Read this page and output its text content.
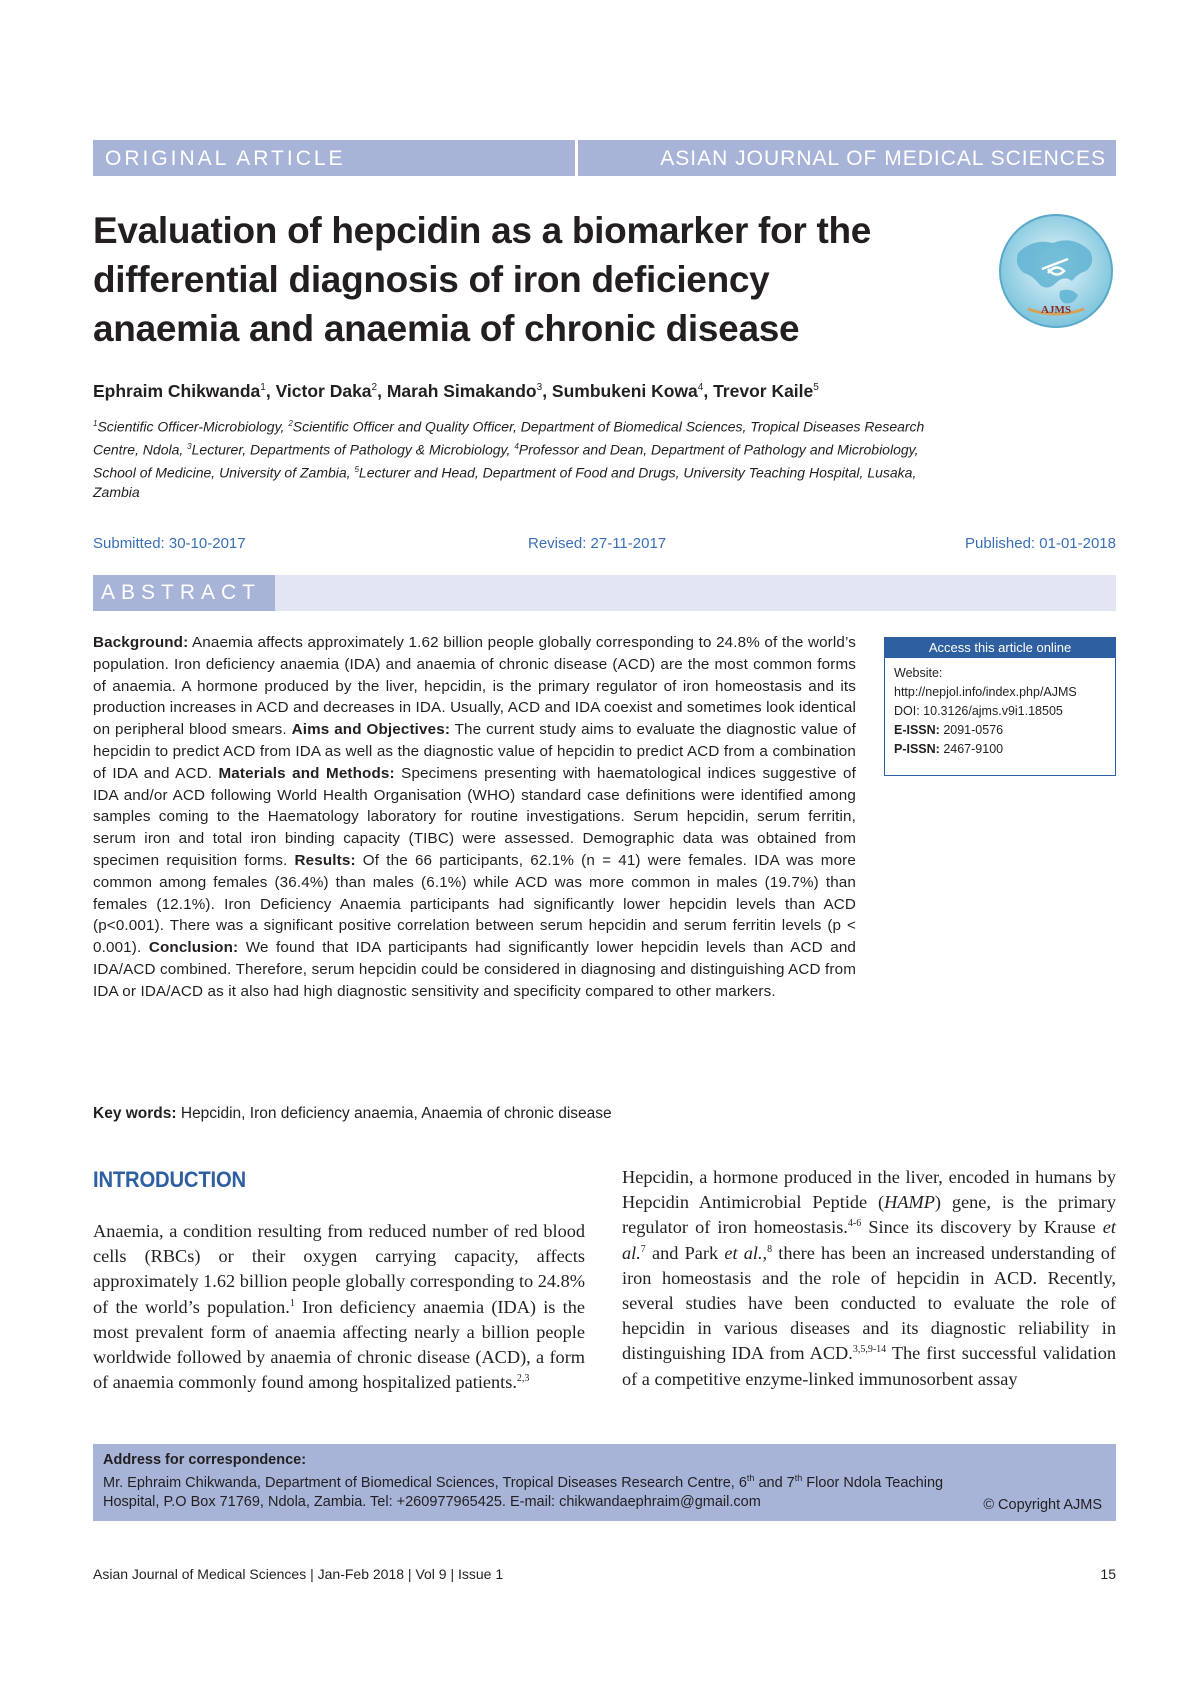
ORIGINAL ARTICLE	ASIAN JOURNAL OF MEDICAL SCIENCES
Evaluation of hepcidin as a biomarker for the differential diagnosis of iron deficiency anaemia and anaemia of chronic disease	AJMS
Ephraim Chikwanda$^1$, Victor Daka$^2$, Marah Simakando$^3$, Sumbukeni Kowa$^4$, Trevor Kaile$^5$

$^1$Scientific Officer-Microbiology, $^2$Scientific Officer and Quality Officer, Department of Biomedical Sciences, Tropical Diseases Research Centre, Ndola, $^3$Lecturer, Departments of Pathology & Microbiology, $^4$Professor and Dean, Department of Pathology and Microbiology, School of Medicine, University of Zambia, $^5$Lecturer and Head, Department of Food and Drugs, University Teaching Hospital, Lusaka, Zambia

Submitted: 30-10-2017	Revised: 27-11-2017	Published: 01-01-2018
ABSTRACT

Background: Anaemia affects approximately 1.62 billion people globally corresponding to 24.8% of the world’s population. Iron deficiency anaemia (IDA) and anaemia of chronic disease (ACD) are the most common forms of anaemia. A hormone produced by the liver, hepcidin, is the primary regulator of iron homeostasis and its production increases in ACD and decreases in IDA. Usually, ACD and IDA coexist and sometimes look identical on peripheral blood smears. Aims and Objectives: The current study aims to evaluate the diagnostic value of hepcidin to predict ACD from IDA as well as the diagnostic value of hepcidin to predict ACD from a combination of IDA and ACD. Materials and Methods: Specimens presenting with haematological indices suggestive of IDA and/or ACD following World Health Organisation (WHO) standard case definitions were identified among samples coming to the Haematology laboratory for routine investigations. Serum hepcidin, serum ferritin, serum iron and total iron binding capacity (TIBC) were assessed. Demographic data was obtained from specimen requisition forms. Results: Of the 66 participants, 62.1% (n = 41) were females. IDA was more common among females (36.4%) than males (6.1%) while ACD was more common in males (19.7%) than females (12.1%). Iron Deficiency Anaemia participants had significantly lower hepcidin levels than ACD (p<0.001). There was a significant positive correlation between serum hepcidin and serum ferritin levels (p < 0.001). Conclusion: We found that IDA participants had significantly lower hepcidin levels than ACD and IDA/ACD combined. Therefore, serum hepcidin could be considered in diagnosing and distinguishing ACD from IDA or IDA/ACD as it also had high diagnostic sensitivity and specificity compared to other markers.

Access this article online
Website:
http://nepjol.info/index.php/AJMS
DOI: 10.3126/ajms.v9i1.18505
E-ISSN: 2091-0576
P-ISSN: 2467-9100
Key words: Hepcidin, Iron deficiency anaemia, Anaemia of chronic disease
INTRODUCTION

Anaemia, a condition resulting from reduced number of red blood cells (RBCs) or their oxygen carrying capacity, affects approximately 1.62 billion people globally corresponding to 24.8% of the world’s population.$^1$ Iron deficiency anaemia (IDA) is the most prevalent form of anaemia affecting nearly a billion people worldwide followed by anaemia of chronic disease (ACD), a form of anaemia commonly found among hospitalized patients.$^{2,3}$

Hepcidin, a hormone produced in the liver, encoded in humans by Hepcidin Antimicrobial Peptide (HAMP) gene, is the primary regulator of iron homeostasis.$^{4-6}$ Since its discovery by Krause et al.$^7$ and Park et al.,$^8$ there has been an increased understanding of iron homeostasis and the role of hepcidin in ACD. Recently, several studies have been conducted to evaluate the role of hepcidin in various diseases and its diagnostic reliability in distinguishing IDA from ACD.$^{3,5,9-14}$ The first successful validation of a competitive enzyme-linked immunosorbent assay

Address for correspondence:
Mr. Ephraim Chikwanda, Department of Biomedical Sciences, Tropical Diseases Research Centre, 6th and 7th Floor Ndola Teaching
Hospital, P.O Box 71769, Ndola, Zambia. Tel: +260977965425. E-mail: chikwandaephraim@gmail.com	© Copyright AJMS
Asian Journal of Medical Sciences | Jan-Feb 2018 | Vol 9 | Issue 1	15
